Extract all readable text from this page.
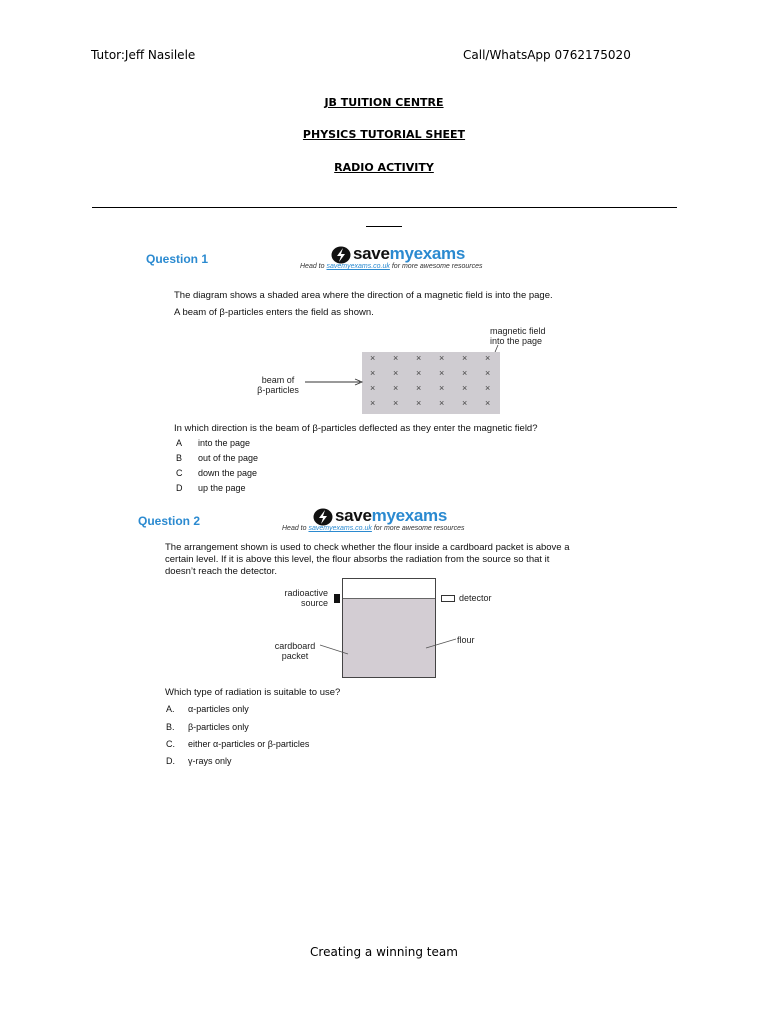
Tutor:Jeff Nasilele	Call/WhatsApp 0762175020
JB TUITION CENTRE
PHYSICS TUTORIAL SHEET
RADIO ACTIVITY
Question 1	savemyexams
Head to savemyexams.co.uk for more awesome resources
The diagram shows a shaded area where the direction of a magnetic field is into the page.
A beam of β-particles enters the field as shown.
magnetic field
into the page
× × × × × ×
× × × × × ×
× × × × × ×
× × × × × ×
beam of
β-particles
In which direction is the beam of β-particles deflected as they enter the magnetic field?
A into the page
B out of the page
C down the page
D up the page
Question 2	savemyexams
Head to savemyexams.co.uk for more awesome resources
The arrangement shown is used to check whether the flour inside a cardboard packet is above a
certain level. If it is above this level, the flour absorbs the radiation from the source so that it
doesn’t reach the detector.
radioactive
source	detector
cardboard
packet
flour
Which type of radiation is suitable to use?
A. α-particles only
B. β-particles only
C. either α-particles or β-particles
D. γ-rays only
Creating a winning team
